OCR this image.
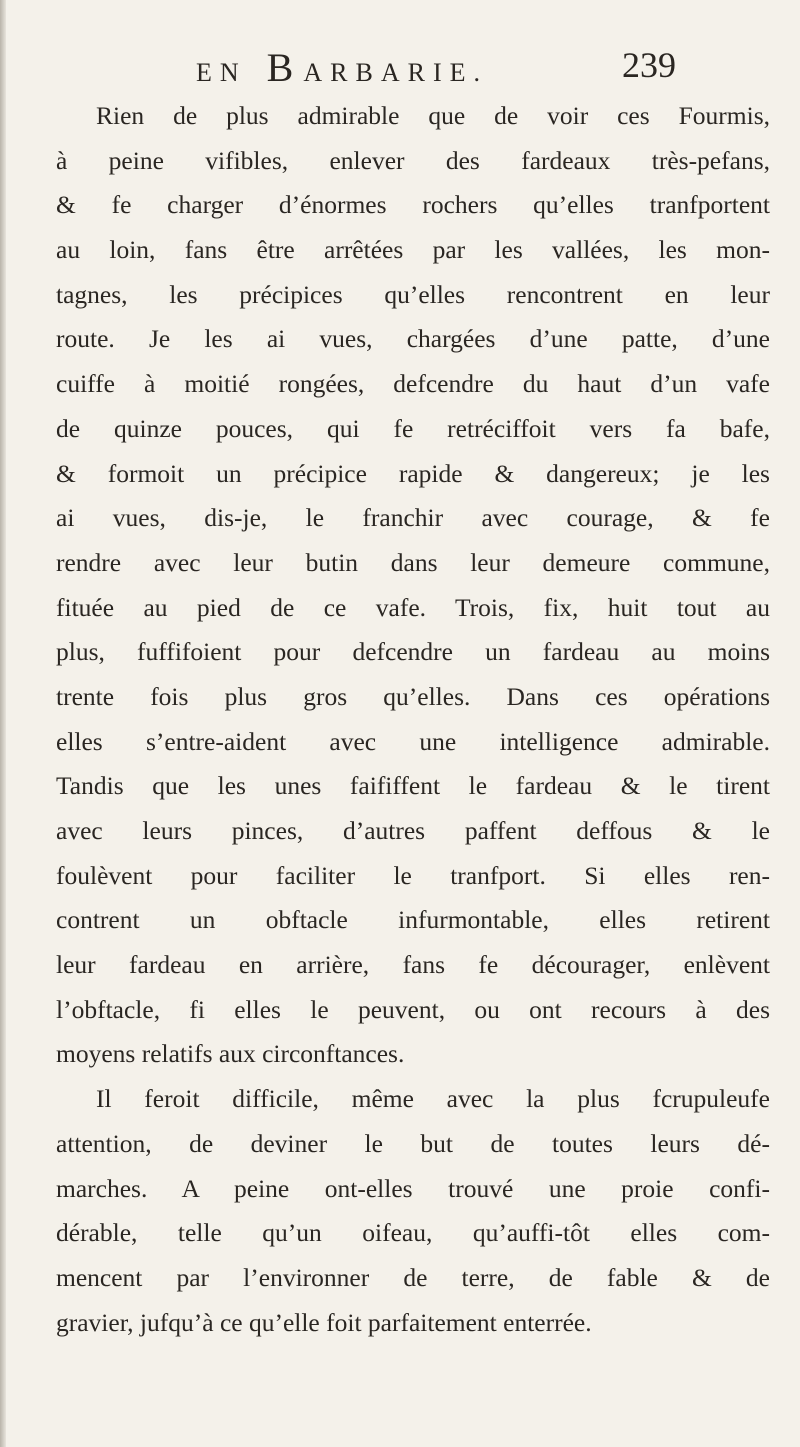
EN BARBARIE.	239
Rien de plus admirable que de voir ces Fourmis,
à peine vifibles, enlever des fardeaux très-pefans,
& fe charger d’énormes rochers qu’elles tranfportent
au loin, fans être arrêtées par les vallées, les mon-
tagnes, les précipices qu’elles rencontrent en leur
route. Je les ai vues, chargées d’une patte, d’une
cuiffe à moitié rongées, defcendre du haut d’un vafe
de quinze pouces, qui fe retréciffoit vers fa bafe,
& formoit un précipice rapide & dangereux; je les
ai vues, dis-je, le franchir avec courage, & fe
rendre avec leur butin dans leur demeure commune,
fituée au pied de ce vafe. Trois, fix, huit tout au
plus, fuffifoient pour defcendre un fardeau au moins
trente fois plus gros qu’elles. Dans ces opérations
elles s’entre-aident avec une intelligence admirable.
Tandis que les unes faififfent le fardeau & le tirent
avec leurs pinces, d’autres paffent deffous & le
foulèvent pour faciliter le tranfport. Si elles ren-
contrent un obftacle infurmontable, elles retirent
leur fardeau en arrière, fans fe décourager, enlèvent
l’obftacle, fi elles le peuvent, ou ont recours à des
moyens relatifs aux circonftances.
Il feroit difficile, même avec la plus fcrupuleufe
attention, de deviner le but de toutes leurs dé-
marches. A peine ont-elles trouvé une proie confi-
dérable, telle qu’un oifeau, qu’auffi-tôt elles com-
mencent par l’environner de terre, de fable & de
gravier, jufqu’à ce qu’elle foit parfaitement enterrée.
